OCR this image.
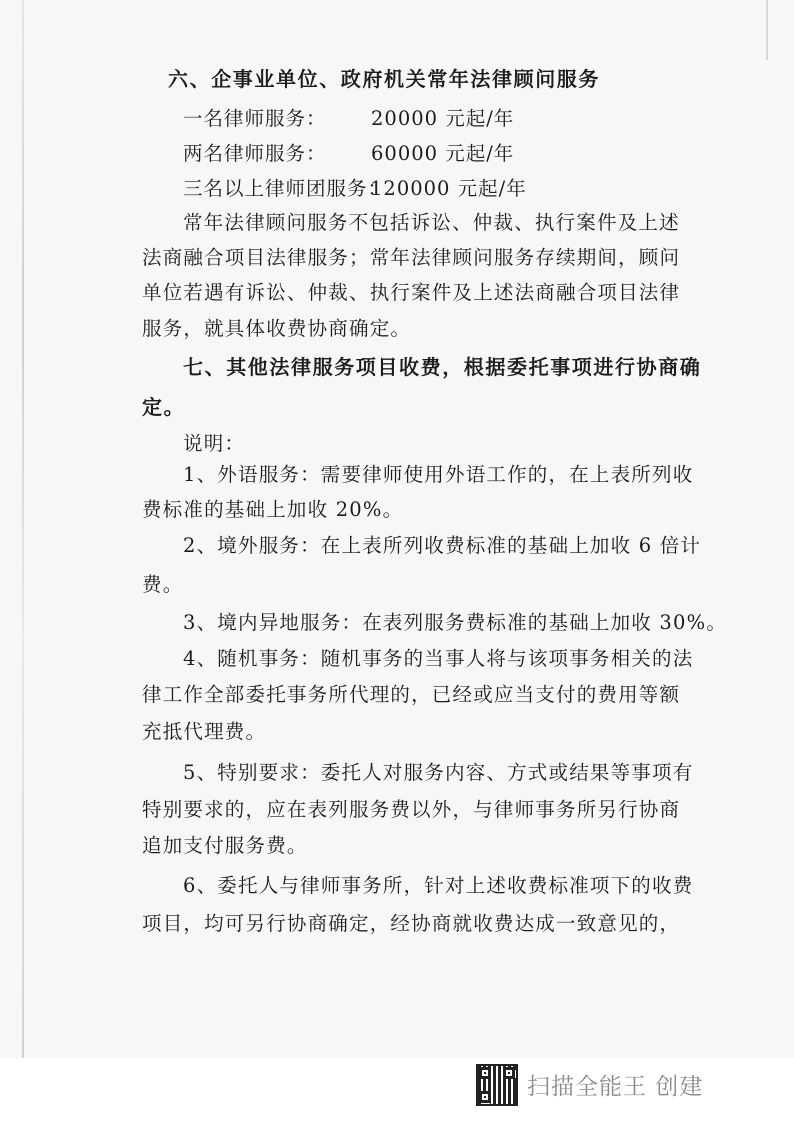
六、企事业单位、政府机关常年法律顾问服务
一名律师服务： 20000 元起/年
两名律师服务： 60000 元起/年
三名以上律师团服务：
120000 元起/年
常年法律顾问服务不包括诉讼、仲裁、执行案件及上述
法商融合项目法律服务；常年法律顾问服务存续期间，顾问
单位若遇有诉讼、仲裁、执行案件及上述法商融合项目法律
服务，就具体收费协商确定。
七、其他法律服务项目收费，根据委托事项进行协商确
定。
说明：
1、外语服务：需要律师使用外语工作的，在上表所列收
费标准的基础上加收 20%。
2、境外服务：在上表所列收费标准的基础上加收 6 倍计
费。
3、境内异地服务：在表列服务费标准的基础上加收 30%。
4、随机事务：随机事务的当事人将与该项事务相关的法
律工作全部委托事务所代理的，已经或应当支付的费用等额
充抵代理费。
5、特别要求：委托人对服务内容、方式或结果等事项有
特别要求的，应在表列服务费以外，与律师事务所另行协商
追加支付服务费。
6、委托人与律师事务所，针对上述收费标准项下的收费
项目，均可另行协商确定，经协商就收费达成一致意见的，
扫描全能王 创建
